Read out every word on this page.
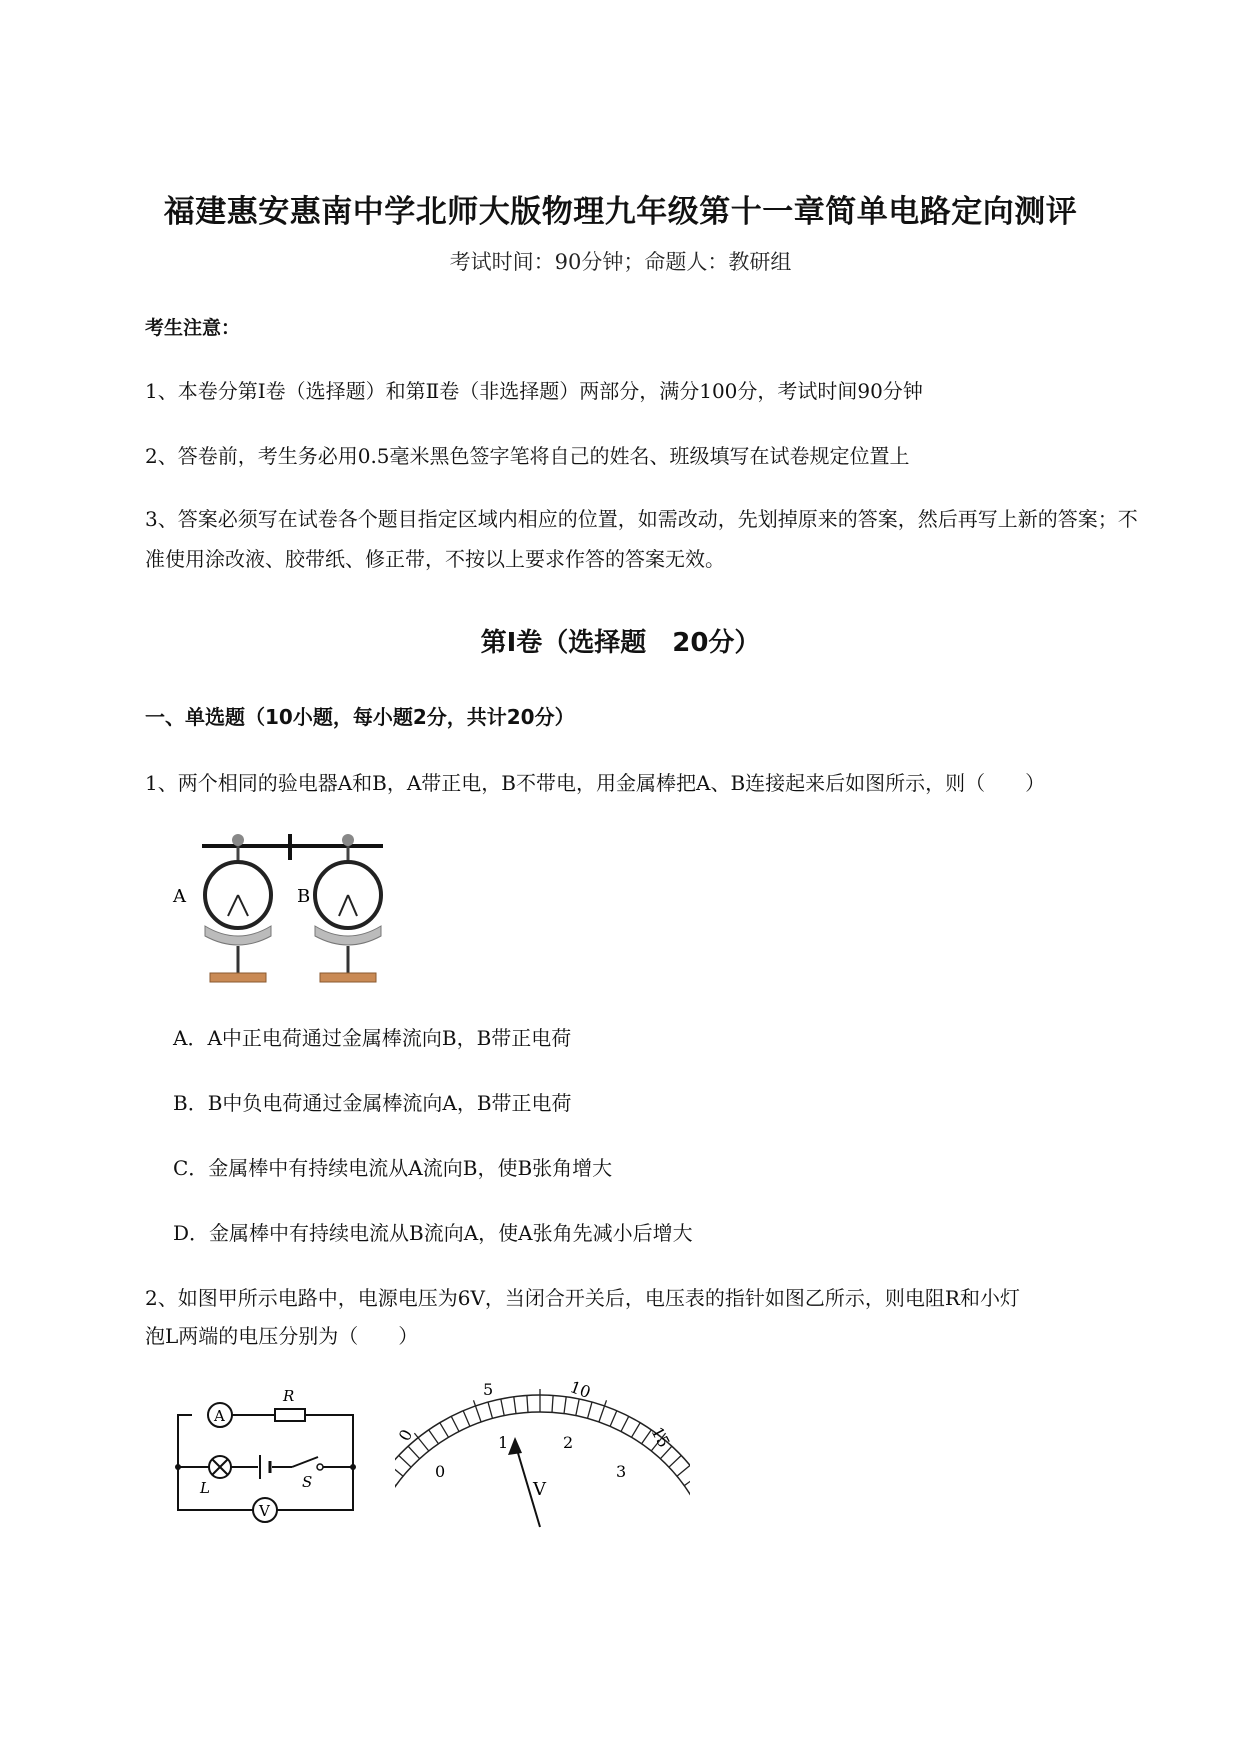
福建惠安惠南中学北师大版物理九年级第十一章简单电路定向测评
考试时间：90分钟；命题人：教研组
考生注意：
1、本卷分第Ⅰ卷（选择题）和第Ⅱ卷（非选择题）两部分，满分100分，考试时间90分钟
2、答卷前，考生务必用0.5毫米黑色签字笔将自己的姓名、班级填写在试卷规定位置上
3、答案必须写在试卷各个题目指定区域内相应的位置，如需改动，先划掉原来的答案，然后再写上新的答案；不准使用涂改液、胶带纸、修正带，不按以上要求作答的答案无效。
第Ⅰ卷（选择题　20分）
一、单选题（10小题，每小题2分，共计20分）
1、两个相同的验电器A和B，A带正电，B不带电，用金属棒把A、B连接起来后如图所示，则（　　）
A	B
A．A中正电荷通过金属棒流向B，B带正电荷
B．B中负电荷通过金属棒流向A，B带正电荷
C．金属棒中有持续电流从A流向B，使B张角增大
D．金属棒中有持续电流从B流向A，使A张角先减小后增大
2、如图甲所示电路中，电源电压为6V，当闭合开关后，电压表的指针如图乙所示，则电阻R和小灯
泡L两端的电压分别为（　　）
A
R
L	S
V
0
5	10
15
0
1	2
3
V
